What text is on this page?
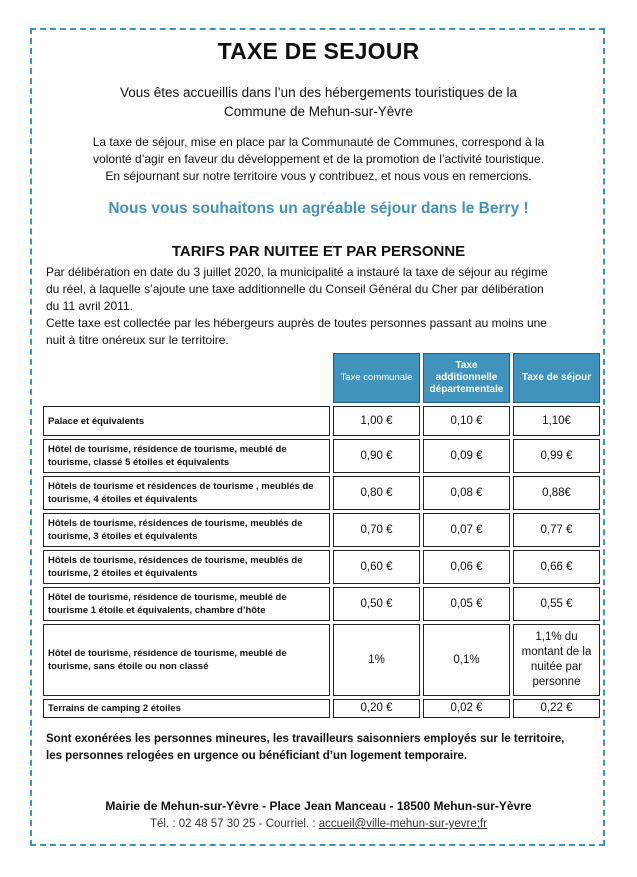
TAXE DE SEJOUR
Vous êtes accueillis dans l’un des hébergements touristiques de la
Commune de Mehun-sur-Yèvre
La taxe de séjour, mise en place par la Communauté de Communes, correspond à la
volonté d’agir en faveur du développement et de la promotion de l’activité touristique.
En séjournant sur notre territoire vous y contribuez, et nous vous en remercions.
Nous vous souhaitons un agréable séjour dans le Berry !
TARIFS PAR NUITEE ET PAR PERSONNE
Par délibération en date du 3 juillet 2020, la municipalité a instauré la taxe de séjour au régime
du réel, à laquelle s’ajoute une taxe additionnelle du Conseil Général du Cher par délibération
du 11 avril 2011.
Cette taxe est collectée par les hébergeurs auprès de toutes personnes passant au moins une
nuit à titre onéreux sur le territoire.
	Taxe communale	Taxe additionnelle départementale	Taxe de séjour
Palace et équivalents	1,00 €	0,10 €	1,10€
Hôtel de tourisme, résidence de tourisme, meublé de tourisme, classé 5 étoiles et équivalents	0,90 €	0,09 €	0,99 €
Hôtels de tourisme et résidences de tourisme , meublés de tourisme, 4 étoiles et équivalents	0,80 €	0,08 €	0,88€
Hôtels de tourisme, résidences de tourisme, meublés de tourisme, 3 étoiles et équivalents	0,70 €	0,07 €	0,77 €
Hôtels de tourisme, résidences de tourisme, meublés de tourisme, 2 étoiles et équivalents	0,60 €	0,06 €	0,66 €
Hôtel de tourisme, résidence de tourisme, meublé de tourisme 1 étoile et équivalents, chambre d’hôte	0,50 €	0,05 €	0,55 €
Hôtel de tourisme, résidence de tourisme, meublé de tourisme, sans étoile ou non classé	1%	0,1%	1,1% du montant de la nuitée par personne
Terrains de camping 2 étoiles	0,20 €	0,02 €	0,22 €
Sont exonérées les personnes mineures, les travailleurs saisonniers employés sur le territoire,
les personnes relogées en urgence ou bénéficiant d’un logement temporaire.
Mairie de Mehun-sur-Yèvre - Place Jean Manceau - 18500 Mehun-sur-Yèvre
Tél. : 02 48 57 30 25 - Courriel. : accueil@ville-mehun-sur-yevre;fr
